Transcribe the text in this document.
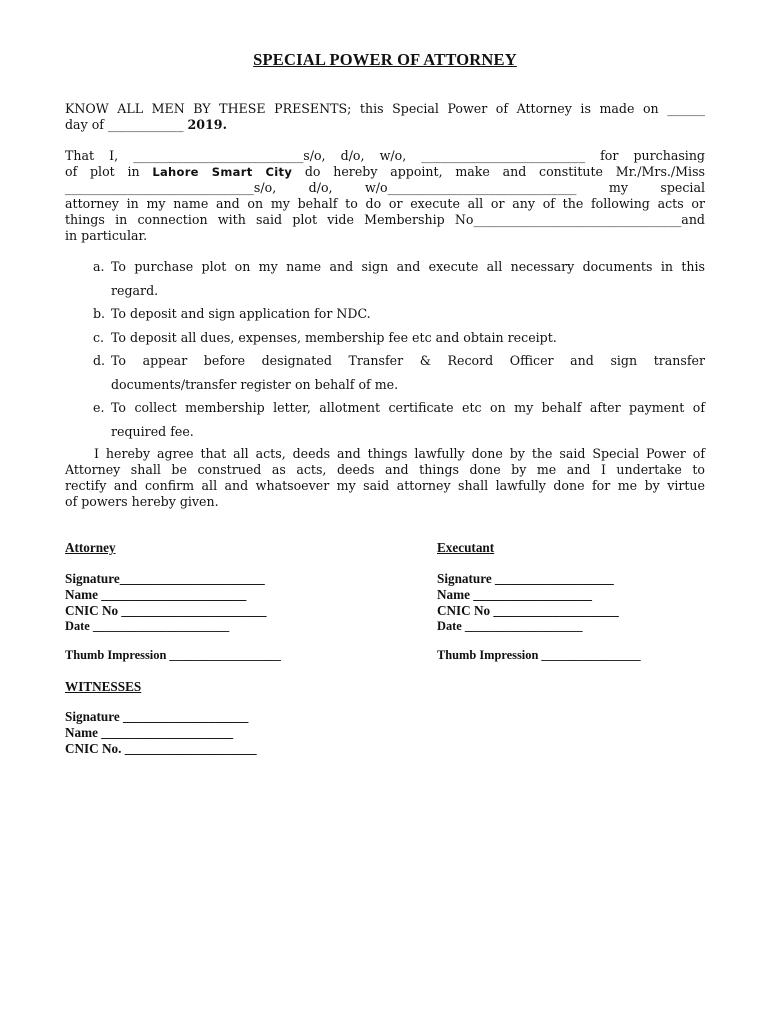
SPECIAL POWER OF ATTORNEY
KNOW ALL MEN BY THESE PRESENTS; this Special Power of Attorney is made on ______
day of ____________ 2019.
That I, ___________________________s/o, d/o, w/o, __________________________ for purchasing
of plot in Lahore Smart City do hereby appoint, make and constitute Mr./Mrs./Miss
______________________________s/o, d/o, w/o______________________________ my special
attorney in my name and on my behalf to do or execute all or any of the following acts or
things in connection with said plot vide Membership No_________________________________and
in particular.
a. To purchase plot on my name and sign and execute all necessary documents in this
regard.
b. To deposit and sign application for NDC.
c. To deposit all dues, expenses, membership fee etc and obtain receipt.
d. To appear before designated Transfer & Record Officer and sign transfer
documents/transfer register on behalf of me.
e. To collect membership letter, allotment certificate etc on my behalf after payment of
required fee.
I hereby agree that all acts, deeds and things lawfully done by the said Special Power of
Attorney shall be construed as acts, deeds and things done by me and I undertake to
rectify and confirm all and whatsoever my said attorney shall lawfully done for me by virtue
of powers hereby given.
Attorney
Signature______________________
Name ______________________
CNIC No ______________________
Date ______________________
Thumb Impression __________________
Executant
Signature __________________
Name __________________
CNIC No ___________________
Date ___________________
Thumb Impression ________________
WITNESSES
Signature ___________________
Name ____________________
CNIC No. ____________________
